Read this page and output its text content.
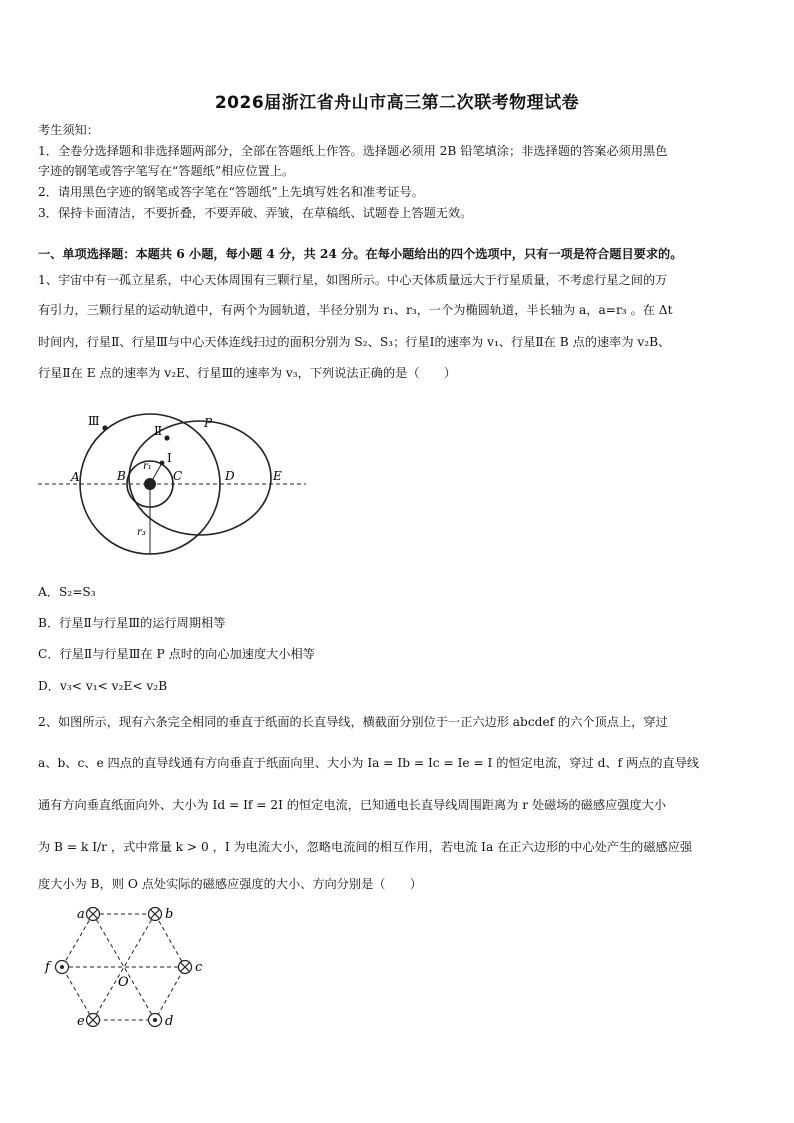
2026届浙江省舟山市高三第二次联考物理试卷
考生须知：
1．全卷分选择题和非选择题两部分，全部在答题纸上作答。选择题必须用 2B 铅笔填涂；非选择题的答案必须用黑色
字迹的钢笔或答字笔写在“答题纸”相应位置上。
2．请用黑色字迹的钢笔或答字笔在“答题纸”上先填写姓名和准考证号。
3．保持卡面清洁，不要折叠，不要弄破、弄皱，在草稿纸、试题卷上答题无效。
一、单项选择题：本题共 6 小题，每小题 4 分，共 24 分。在每小题给出的四个选项中，只有一项是符合题目要求的。
1、宇宙中有一孤立星系，中心天体周围有三颗行星，如图所示。中心天体质量远大于行星质量，不考虑行星之间的万
有引力，三颗行星的运动轨道中，有两个为圆轨道，半径分别为 r₁、r₃，一个为椭圆轨道，半长轴为 a，a=r₃ 。在 Δt
时间内，行星Ⅱ、行星Ⅲ与中心天体连线扫过的面积分别为 S₂、S₃；行星Ⅰ的速率为 v₁、行星Ⅱ在 B 点的速率为 v₂B、
行星Ⅱ在 E 点的速率为 v₂E、行星Ⅲ的速率为 v₃，下列说法正确的是（　　）
Ⅲ
Ⅱ
I
P
A	B	C	D	E
r₁
r₃
A．S₂=S₃
B．行星Ⅱ与行星Ⅲ的运行周期相等
C．行星Ⅱ与行星Ⅲ在 P 点时的向心加速度大小相等
D．v₃< v₁< v₂E< v₂B
2、如图所示，现有六条完全相同的垂直于纸面的长直导线，横截面分别位于一正六边形 abcdef 的六个顶点上，穿过
a、b、c、e 四点的直导线通有方向垂直于纸面向里、大小为 Ia = Ib = Ic = Ie = I 的恒定电流，穿过 d、f 两点的直导线
通有方向垂直纸面向外、大小为 Id = If = 2I 的恒定电流，已知通电长直导线周围距离为 r 处磁场的磁感应强度大小
为 B = k I/r ，式中常量 k > 0 ，I 为电流大小，忽略电流间的相互作用，若电流 Ia 在正六边形的中心处产生的磁感应强
度大小为 B，则 O 点处实际的磁感应强度的大小、方向分别是（　　）
a	b
c
d
e
f
O
